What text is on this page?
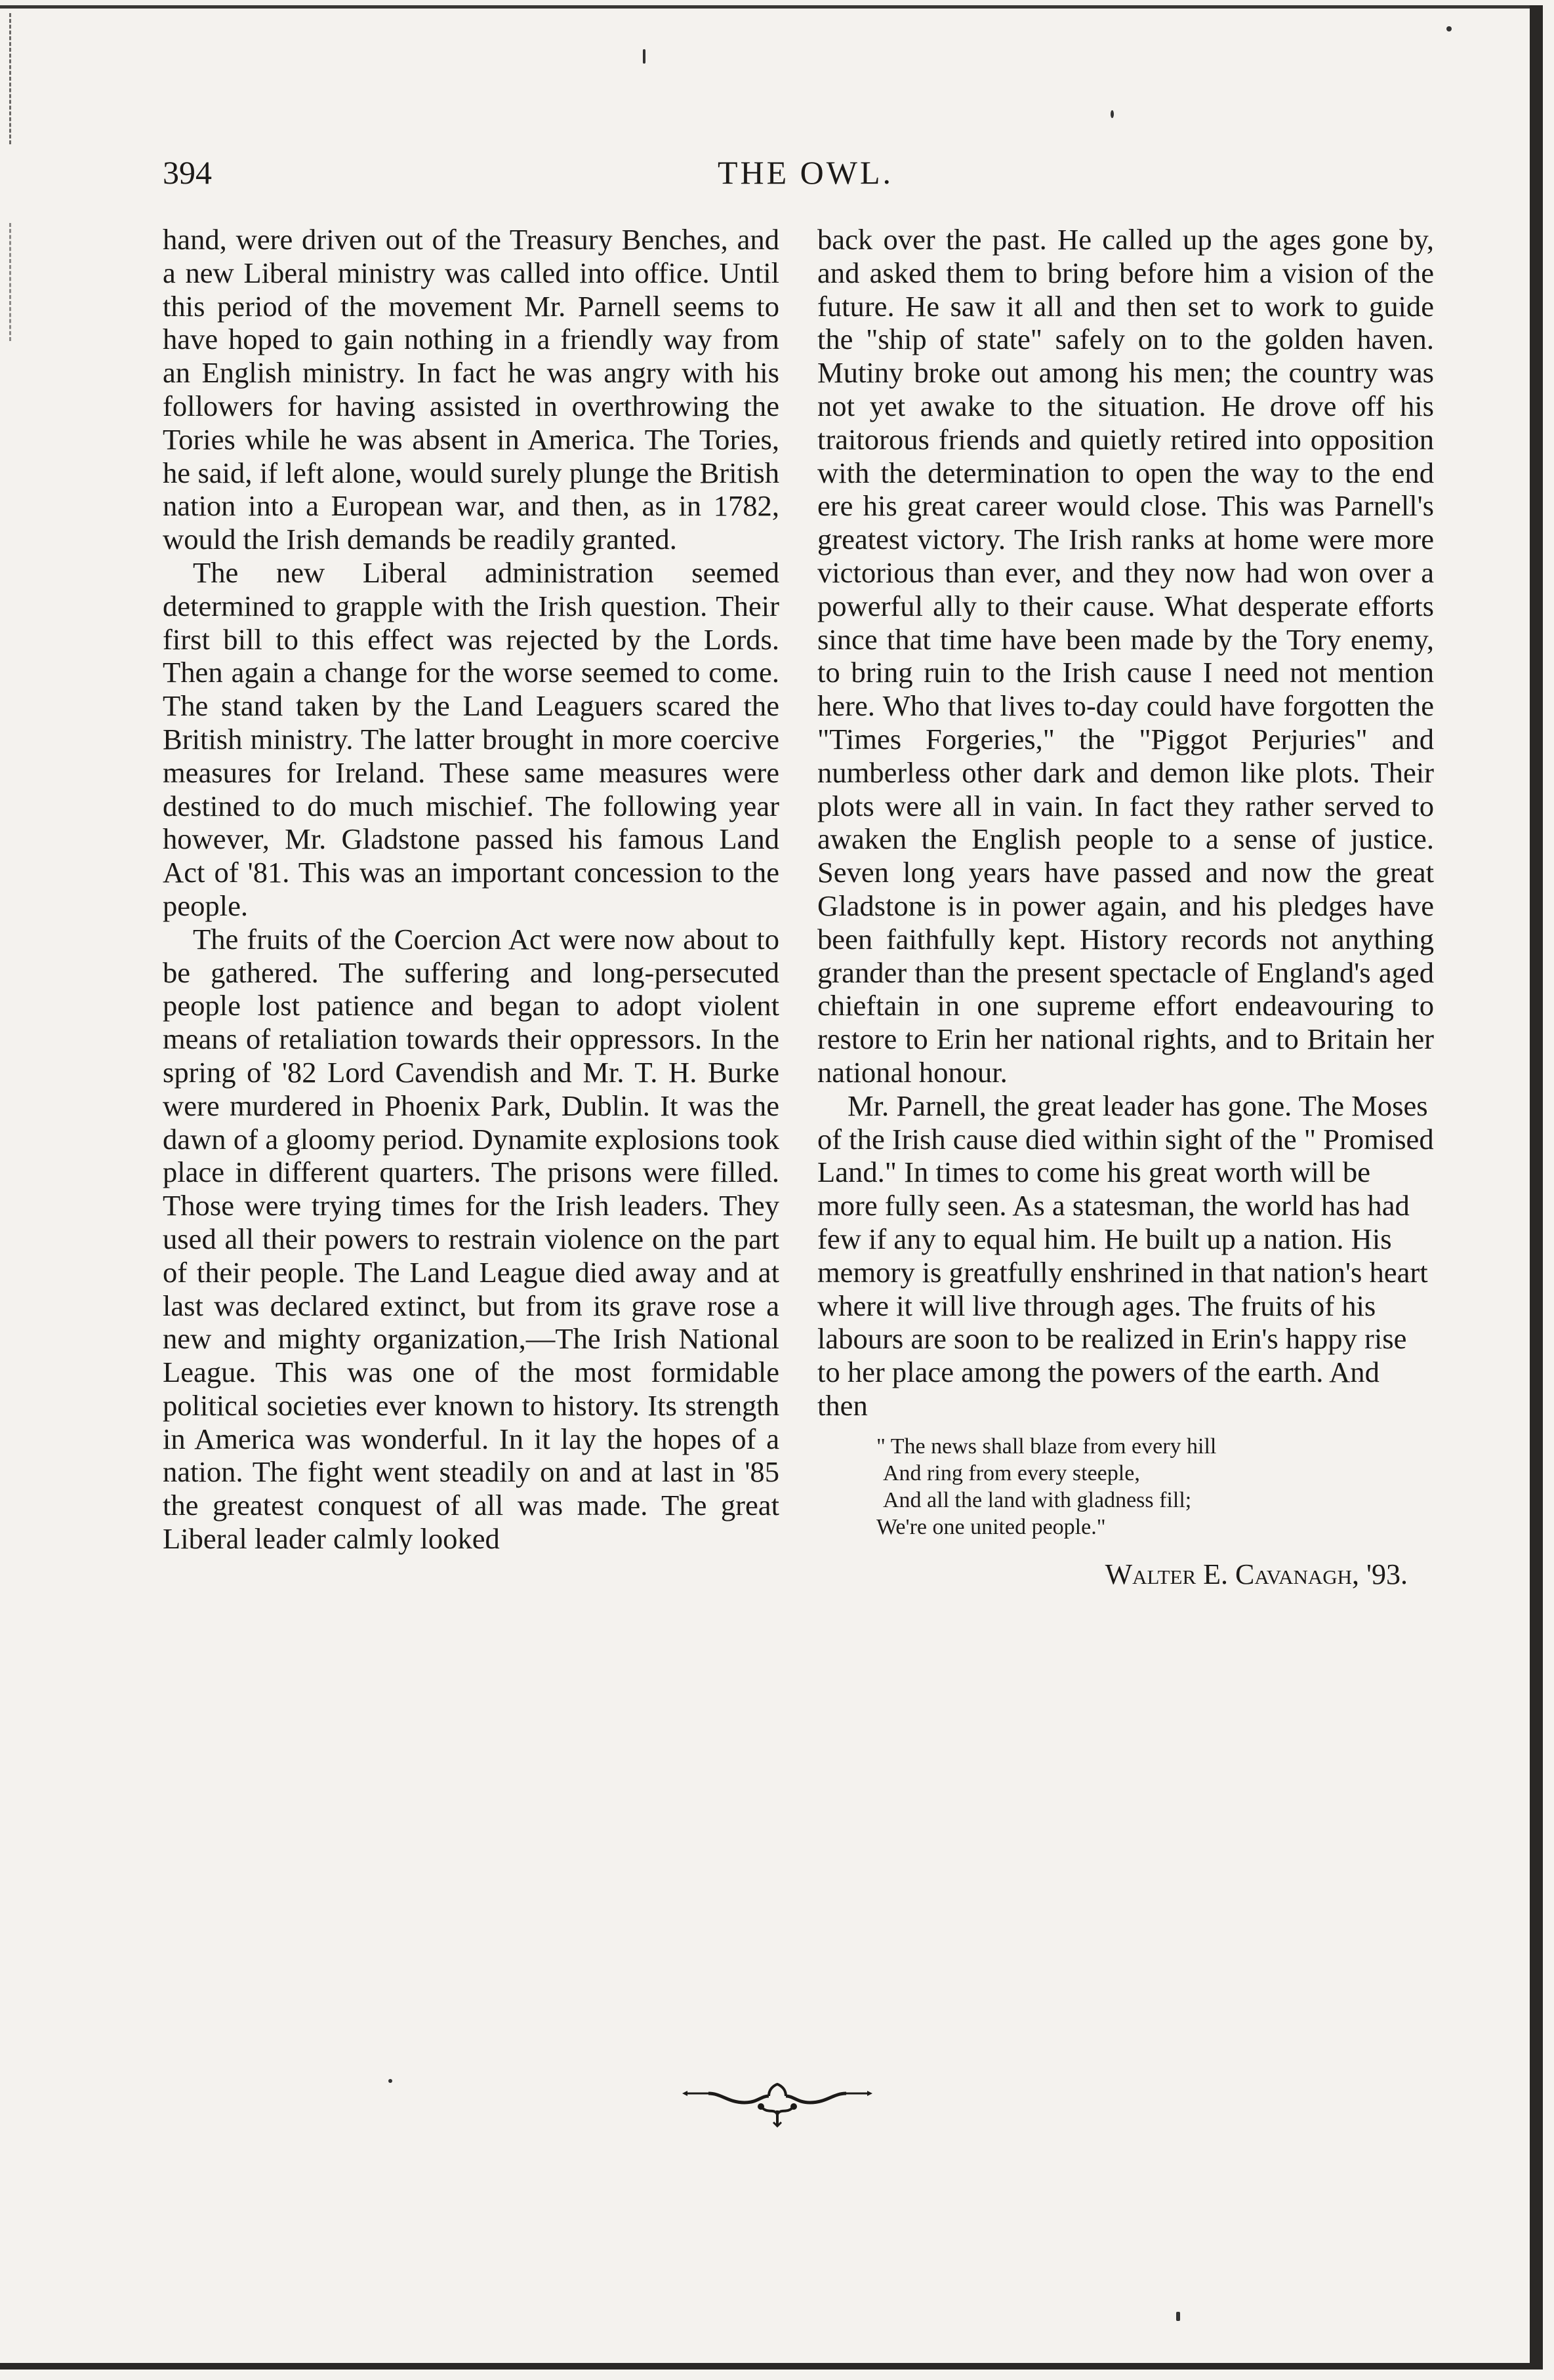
394	THE OWL.

hand, were driven out of the Treasury Benches, and a new Liberal ministry was called into office. Until this period of the movement Mr. Parnell seems to have hoped to gain nothing in a friendly way from an English ministry. In fact he was angry with his followers for having assisted in overthrowing the Tories while he was absent in America. The Tories, he said, if left alone, would surely plunge the British nation into a European war, and then, as in 1782, would the Irish demands be readily granted.

The new Liberal administration seemed determined to grapple with the Irish question. Their first bill to this effect was rejected by the Lords. Then again a change for the worse seemed to come. The stand taken by the Land Leaguers scared the British ministry. The latter brought in more coercive measures for Ireland. These same measures were destined to do much mischief. The following year however, Mr. Gladstone passed his famous Land Act of '81. This was an important concession to the people.

The fruits of the Coercion Act were now about to be gathered. The suffering and long-persecuted people lost patience and began to adopt violent means of retaliation towards their oppressors. In the spring of '82 Lord Cavendish and Mr. T. H. Burke were murdered in Phoenix Park, Dublin. It was the dawn of a gloomy period. Dynamite explosions took place in different quarters. The prisons were filled. Those were trying times for the Irish leaders. They used all their powers to restrain violence on the part of their people. The Land League died away and at last was declared extinct, but from its grave rose a new and mighty organization,—The Irish National League. This was one of the most formidable political societies ever known to history. Its strength in America was wonderful. In it lay the hopes of a nation. The fight went steadily on and at last in '85 the greatest conquest of all was made. The great Liberal leader calmly looked

back over the past. He called up the ages gone by, and asked them to bring before him a vision of the future. He saw it all and then set to work to guide the "ship of state" safely on to the golden haven. Mutiny broke out among his men; the country was not yet awake to the situation. He drove off his traitorous friends and quietly retired into opposition with the determination to open the way to the end ere his great career would close. This was Parnell's greatest victory. The Irish ranks at home were more victorious than ever, and they now had won over a powerful ally to their cause. What desperate efforts since that time have been made by the Tory enemy, to bring ruin to the Irish cause I need not mention here. Who that lives to-day could have forgotten the "Times Forgeries," the "Piggot Perjuries" and numberless other dark and demon like plots. Their plots were all in vain. In fact they rather served to awaken the English people to a sense of justice. Seven long years have passed and now the great Gladstone is in power again, and his pledges have been faithfully kept. History records not anything grander than the present spectacle of England's aged chieftain in one supreme effort endeavouring to restore to Erin her national rights, and to Britain her national honour.

Mr. Parnell, the great leader has gone. The Moses of the Irish cause died within sight of the " Promised Land." In times to come his great worth will be more fully seen. As a statesman, the world has had few if any to equal him. He built up a nation. His memory is greatfully enshrined in that nation's heart where it will live through ages. The fruits of his labours are soon to be realized in Erin's happy rise to her place among the powers of the earth. And then

" The news shall blaze from every hill
And ring from every steeple,
And all the land with gladness fill;
We're one united people."
Walter E. Cavanagh, '93.
